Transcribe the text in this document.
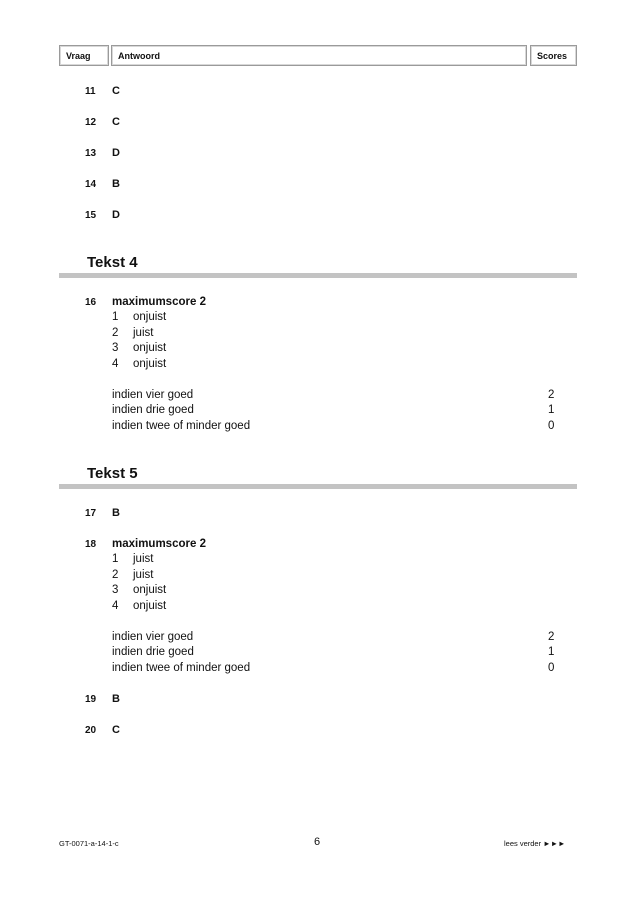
Vraag	Antwoord	Scores
11 C
12 C
13 D
14 B
15 D
Tekst 4
16 maximumscore 2
1 onjuist
2 juist
3 onjuist
4 onjuist
indien vier goed	2
indien drie goed	1
indien twee of minder goed	0
Tekst 5
17 B
18 maximumscore 2
1 juist
2 juist
3 onjuist
4 onjuist
indien vier goed	2
indien drie goed	1
indien twee of minder goed	0
19 B
20 C
GT-0071-a-14-1-c	6	lees verder ►►►
